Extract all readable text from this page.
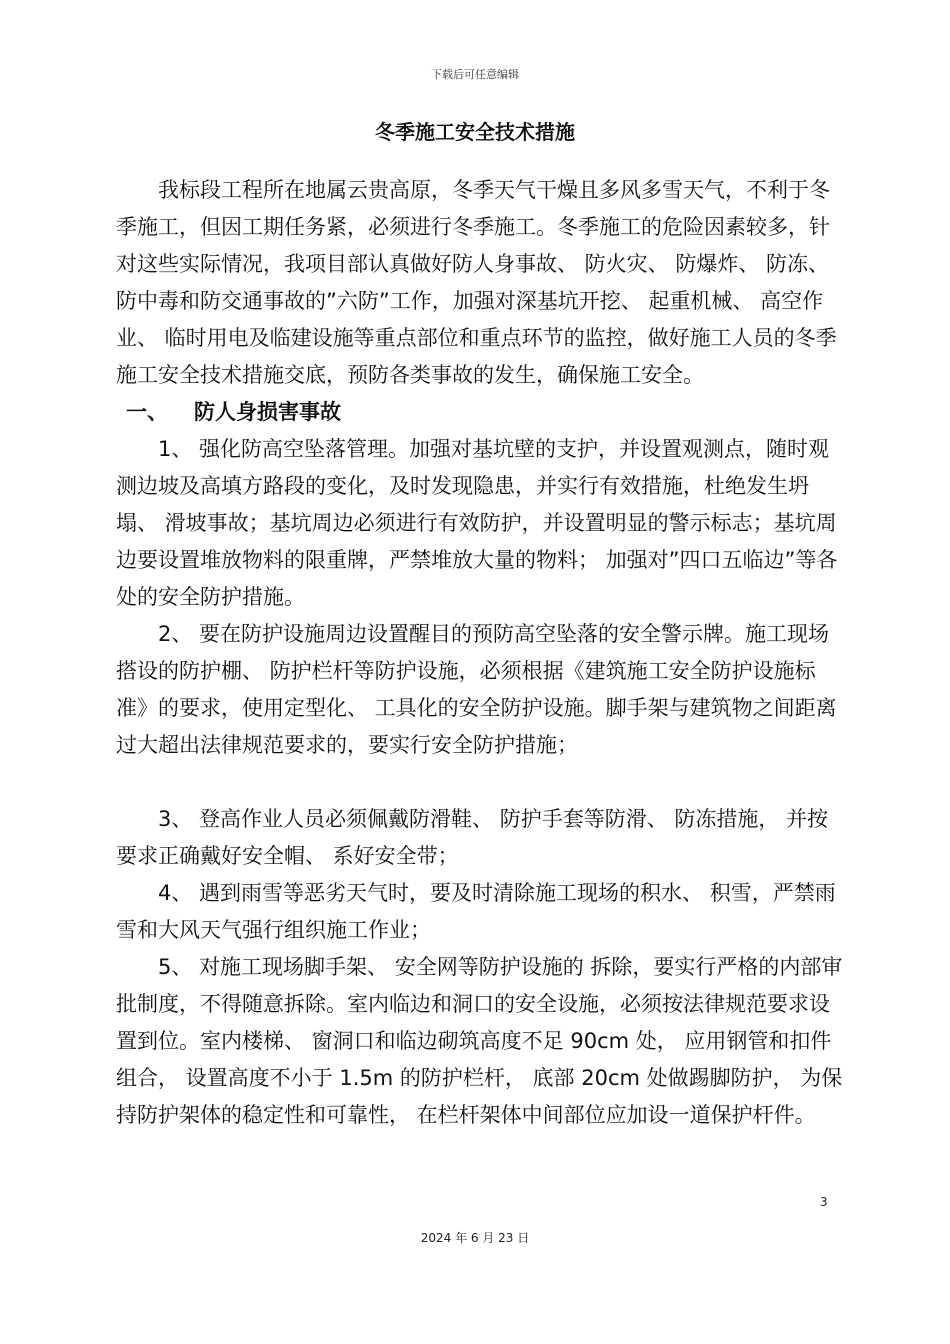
下载后可任意编辑
冬季施工安全技术措施

我标段工程所在地属云贵高原，冬季天气干燥且多风多雪天气，不利于冬季施工，但因工期任务紧，必须进行冬季施工。冬季施工的危险因素较多，针对这些实际情况，我项目部认真做好防人身事故、 防火灾、 防爆炸、 防冻、 防中毒和防交通事故的”六防”工作，加强对深基坑开挖、 起重机械、 高空作业、 临时用电及临建设施等重点部位和重点环节的监控，做好施工人员的冬季施工安全技术措施交底，预防各类事故的发生，确保施工安全。

一、 防人身损害事故

1、 强化防高空坠落管理。加强对基坑壁的支护，并设置观测点，随时观测边坡及高填方路段的变化，及时发现隐患，并实行有效措施，杜绝发生坍塌、 滑坡事故；基坑周边必须进行有效防护，并设置明显的警示标志；基坑周边要设置堆放物料的限重牌，严禁堆放大量的物料； 加强对”四口五临边”等各处的安全防护措施。

2、 要在防护设施周边设置醒目的预防高空坠落的安全警示牌。施工现场搭设的防护棚、 防护栏杆等防护设施，必须根据《建筑施工安全防护设施标准》的要求，使用定型化、 工具化的安全防护设施。脚手架与建筑物之间距离过大超出法律规范要求的，要实行安全防护措施；

3、 登高作业人员必须佩戴防滑鞋、 防护手套等防滑、 防冻措施， 并按要求正确戴好安全帽、 系好安全带；

4、 遇到雨雪等恶劣天气时，要及时清除施工现场的积水、 积雪，严禁雨雪和大风天气强行组织施工作业；

5、 对施工现场脚手架、 安全网等防护设施的 拆除，要实行严格的内部审批制度，不得随意拆除。室内临边和洞口的安全设施，必须按法律规范要求设置到位。室内楼梯、 窗洞口和临边砌筑高度不足 90cm 处， 应用钢管和扣件组合， 设置高度不小于 1.5m 的防护栏杆， 底部 20cm 处做踢脚防护， 为保持防护架体的稳定性和可靠性， 在栏杆架体中间部位应加设一道保护杆件。

3
2024 年 6 月 23 日
